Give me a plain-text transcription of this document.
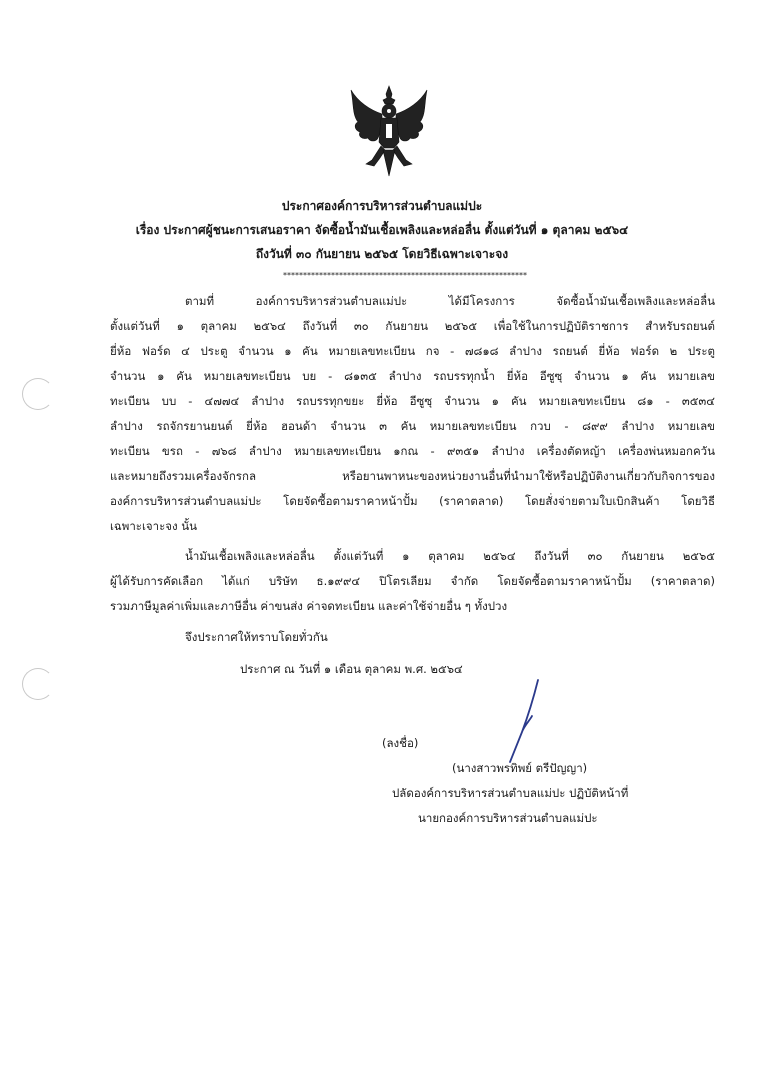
ประกาศองค์การบริหารส่วนตำบลแม่ปะ
เรื่อง ประกาศผู้ชนะการเสนอราคา จัดซื้อน้ำมันเชื้อเพลิงและหล่อลื่น ตั้งแต่วันที่ ๑ ตุลาคม ๒๕๖๔
ถึงวันที่ ๓๐ กันยายน ๒๕๖๕ โดยวิธีเฉพาะเจาะจง
*************************************************************
ตามที่ องค์การบริหารส่วนตำบลแม่ปะ ได้มีโครงการ จัดซื้อน้ำมันเชื้อเพลิงและหล่อลื่น
ตั้งแต่วันที่ ๑ ตุลาคม ๒๕๖๔ ถึงวันที่ ๓๐ กันยายน ๒๕๖๕ เพื่อใช้ในการปฏิบัติราชการ สำหรับรถยนต์
ยี่ห้อ ฟอร์ด ๔ ประตู จำนวน ๑ คัน หมายเลขทะเบียน กจ - ๗๘๑๘ ลำปาง รถยนต์ ยี่ห้อ ฟอร์ด ๒ ประตู
จำนวน ๑ คัน หมายเลขทะเบียน บย - ๘๑๓๕ ลำปาง รถบรรทุกน้ำ ยี่ห้อ อีซูซุ จำนวน ๑ คัน หมายเลข
ทะเบียน บบ - ๔๗๗๔ ลำปาง รถบรรทุกขยะ ยี่ห้อ อีซูซุ จำนวน ๑ คัน หมายเลขทะเบียน ๘๑ - ๓๕๓๔
ลำปาง รถจักรยานยนต์ ยี่ห้อ ฮอนด้า จำนวน ๓ คัน หมายเลขทะเบียน กวบ - ๘๙๙ ลำปาง หมายเลข
ทะเบียน ขรถ - ๗๖๘ ลำปาง หมายเลขทะเบียน ๑กณ - ๙๓๕๑ ลำปาง เครื่องตัดหญ้า เครื่องพ่นหมอกควัน
และหมายถึงรวมเครื่องจักรกล หรือยานพาหนะของหน่วยงานอื่นที่นำมาใช้หรือปฏิบัติงานเกี่ยวกับกิจการของ
องค์การบริหารส่วนตำบลแม่ปะ โดยจัดซื้อตามราคาหน้าปั้ม (ราคาตลาด) โดยสั่งจ่ายตามใบเบิกสินค้า โดยวิธี
เฉพาะเจาะจง นั้น
น้ำมันเชื้อเพลิงและหล่อลื่น ตั้งแต่วันที่ ๑ ตุลาคม ๒๕๖๔ ถึงวันที่ ๓๐ กันยายน ๒๕๖๕
ผู้ได้รับการคัดเลือก ได้แก่ บริษัท ธ.๑๙๙๔ ปิโตรเลียม จำกัด โดยจัดซื้อตามราคาหน้าปั้ม (ราคาตลาด)
รวมภาษีมูลค่าเพิ่มและภาษีอื่น ค่าขนส่ง ค่าจดทะเบียน และค่าใช้จ่ายอื่น ๆ ทั้งปวง
จึงประกาศให้ทราบโดยทั่วกัน
ประกาศ ณ วันที่ ๑ เดือน ตุลาคม พ.ศ. ๒๕๖๔
(ลงชื่อ)
(นางสาวพรทิพย์ ตรีปัญญา)
ปลัดองค์การบริหารส่วนตำบลแม่ปะ ปฏิบัติหน้าที่
นายกองค์การบริหารส่วนตำบลแม่ปะ
